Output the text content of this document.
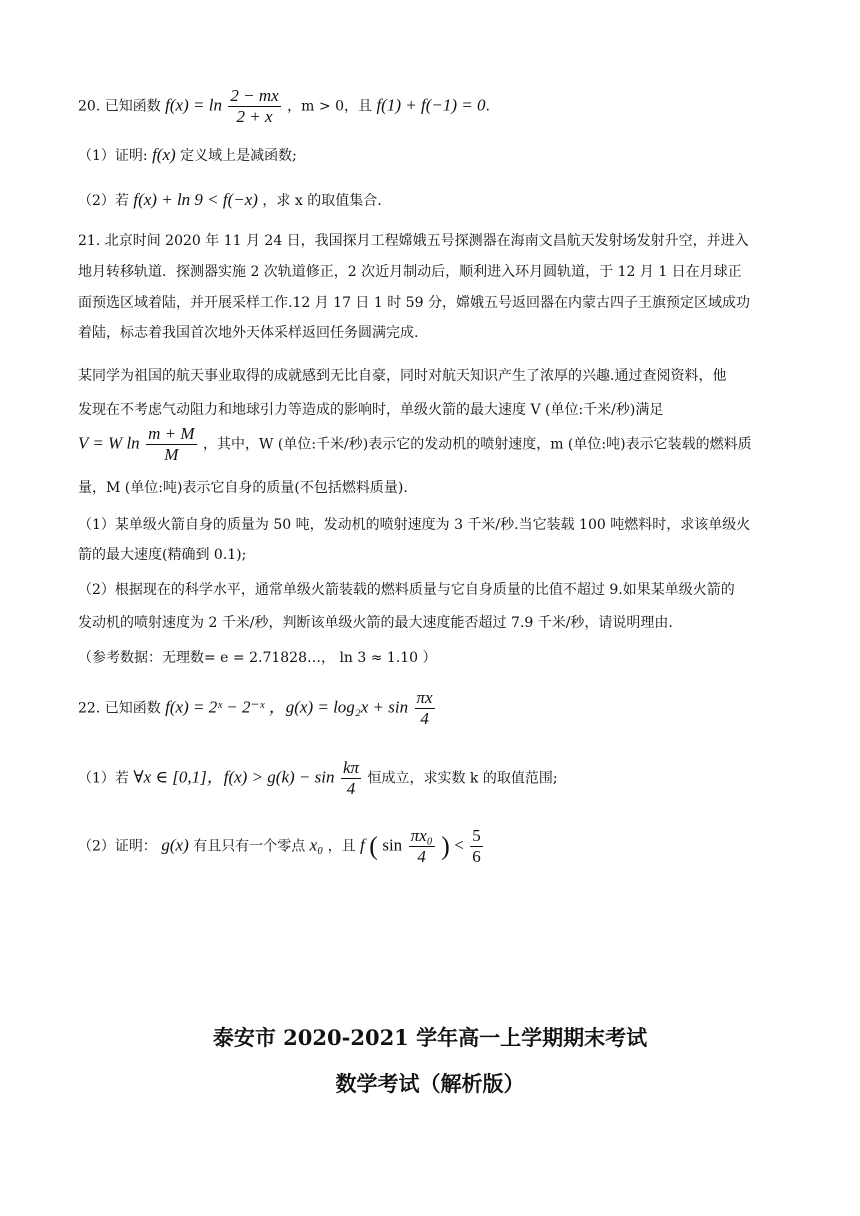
20. 已知函数 $f(x) = \ln \frac{2 - mx}{2 + x}$ ，m > 0，且 f(1) + f(−1) = 0.
（1）证明: f(x) 定义域上是减函数;
（2）若 f(x) + ln 9 < f(−x) ，求 x 的取值集合.
21. 北京时间 2020 年 11 月 24 日，我国探月工程嫦娥五号探测器在海南文昌航天发射场发射升空，并进入
地月转移轨道．探测器实施 2 次轨道修正，2 次近月制动后，顺利进入环月圆轨道，于 12 月 1 日在月球正
面预选区域着陆，并开展采样工作.12 月 17 日 1 时 59 分，嫦娥五号返回器在内蒙古四子王旗预定区域成功
着陆，标志着我国首次地外天体采样返回任务圆满完成.
某同学为祖国的航天事业取得的成就感到无比自豪，同时对航天知识产生了浓厚的兴趣.通过查阅资料，他
发现在不考虑气动阻力和地球引力等造成的影响时，单级火箭的最大速度 V (单位:千米/秒)满足
V = W $\ln \frac{m + M}{M}$ ，其中，W (单位:千米/秒)表示它的发动机的喷射速度，m (单位:吨)表示它装载的燃料质
量，M (单位:吨)表示它自身的质量(不包括燃料质量).
（1）某单级火箭自身的质量为 50 吨，发动机的喷射速度为 3 千米/秒.当它装载 100 吨燃料时，求该单级火
箭的最大速度(精确到 0.1);
（2）根据现在的科学水平，通常单级火箭装载的燃料质量与它自身质量的比值不超过 9.如果某单级火箭的
发动机的喷射速度为 2 千米/秒，判断该单级火箭的最大速度能否超过 7.9 千米/秒，请说明理由.
（参考数据：无理数= e = 2.71828…， ln 3 ≈ 1.10 ）
22. 已知函数 f(x) = 2ˣ − 2⁻ˣ ，$g(x) = \log_2x + \sin \frac{\pi x}{4}$
（1）若 ∀x ∈ [0,1]，$f(x) > g(k) - \sin \frac{k\pi}{4}$ 恒成立，求实数 k 的取值范围;
（2）证明： g(x) 有且只有一个零点 x₀ ，且 f ( $\sin \frac{\text{πx₀}}{4}$ ) < $\frac{5}{6}$
泰安市 2020-2021 学年高一上学期期末考试
数学考试（解析版）
